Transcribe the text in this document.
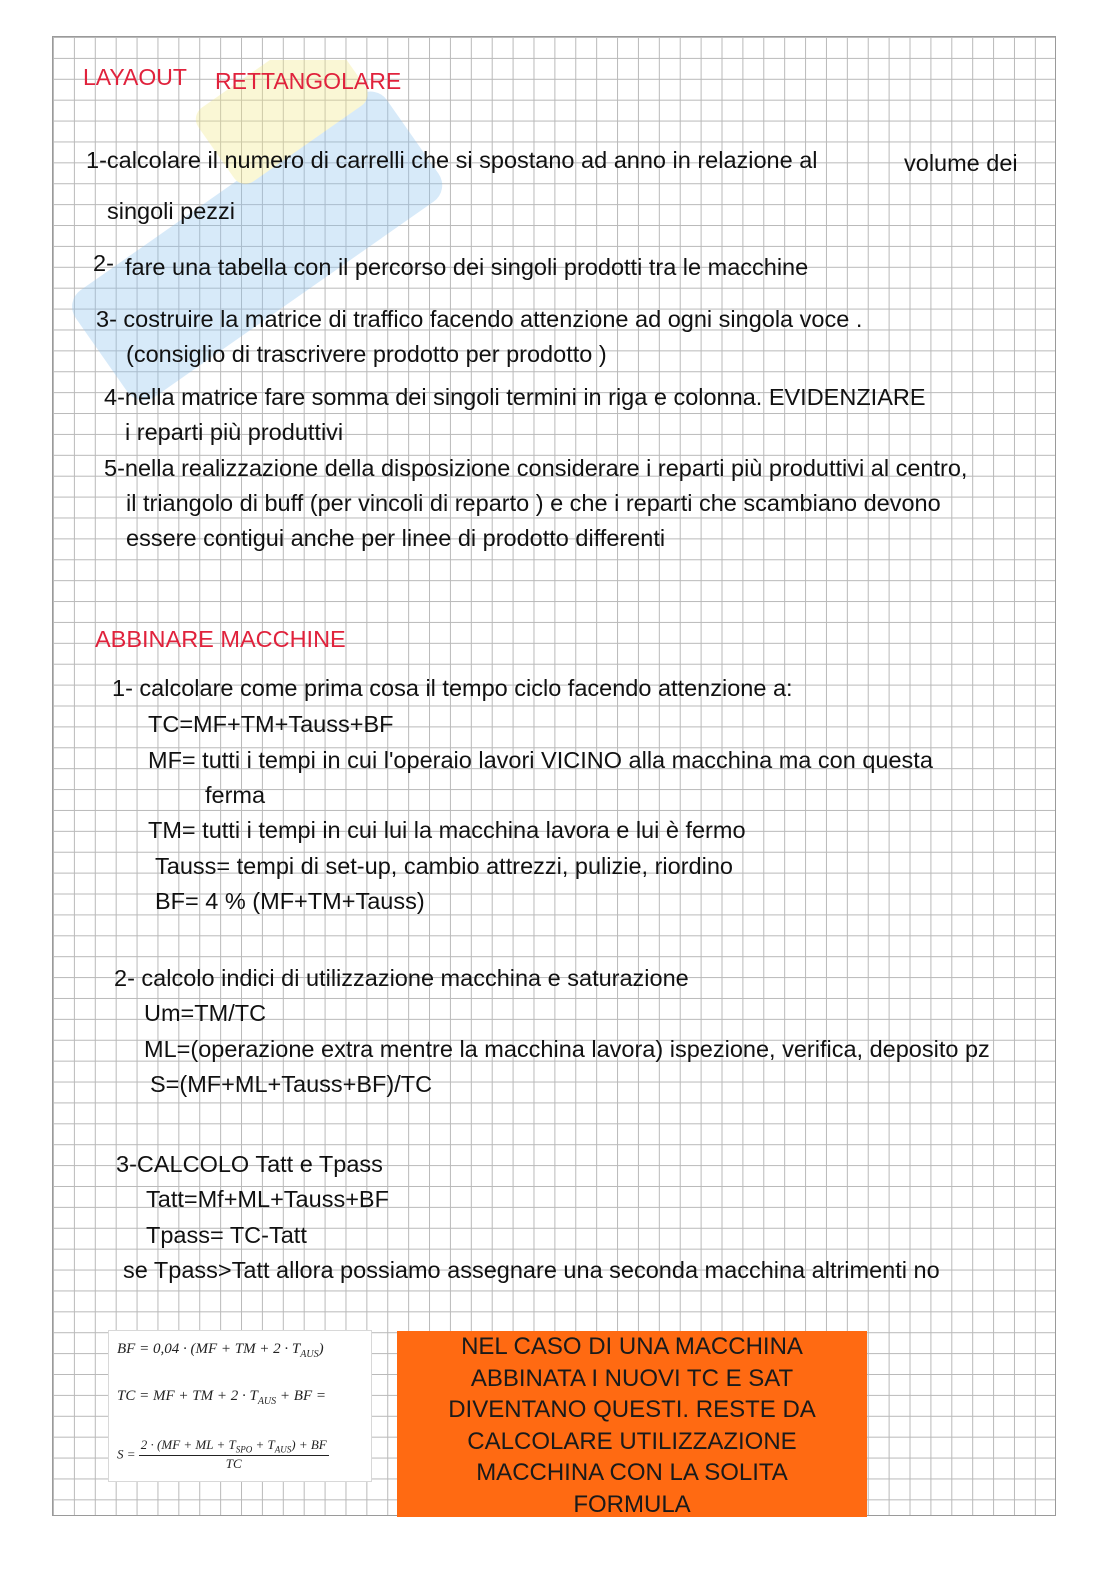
LAYAOUT RETTANGOLARE
1-calcolare il numero di carrelli che si spostano ad anno in relazione al	volume dei
singoli pezzi
2- fare una tabella con il percorso dei singoli prodotti tra le macchine
3- costruire la matrice di traffico facendo attenzione ad ogni singola voce .
(consiglio di trascrivere prodotto per prodotto )
4-nella matrice fare somma dei singoli termini in riga e colonna. EVIDENZIARE
i reparti più produttivi
5-nella realizzazione della disposizione considerare i reparti più produttivi al centro,
il triangolo di buff (per vincoli di reparto ) e che i reparti che scambiano devono
essere contigui anche per linee di prodotto differenti
ABBINARE MACCHINE
1- calcolare come prima cosa il tempo ciclo facendo attenzione a:
TC=MF+TM+Tauss+BF
MF= tutti i tempi in cui l'operaio lavori VICINO alla macchina ma con questa
ferma
TM= tutti i tempi in cui lui la macchina lavora e lui è fermo
Tauss= tempi di set-up, cambio attrezzi, pulizie, riordino
BF= 4 % (MF+TM+Tauss)
2- calcolo indici di utilizzazione macchina e saturazione
Um=TM/TC
ML=(operazione extra mentre la macchina lavora) ispezione, verifica, deposito pz
S=(MF+ML+Tauss+BF)/TC
3-CALCOLO Tatt e Tpass
Tatt=Mf+ML+Tauss+BF
Tpass= TC-Tatt
se Tpass>Tatt allora possiamo assegnare una seconda macchina altrimenti no
BF = 0,04 · (MF + TM + $2 \cdot T_{AUS}$)
TC = MF + TM + $2 \cdot T_{AUS}$ + BF =
$S = \frac{2 \cdot (MF + ML + T_{SPO} + T_{AUS}) + BF}{TC}$
NEL CASO DI UNA MACCHINA
ABBINATA I NUOVI TC E SAT
DIVENTANO QUESTI. RESTE DA
CALCOLARE UTILIZZAZIONE
MACCHINA CON LA SOLITA
FORMULA
